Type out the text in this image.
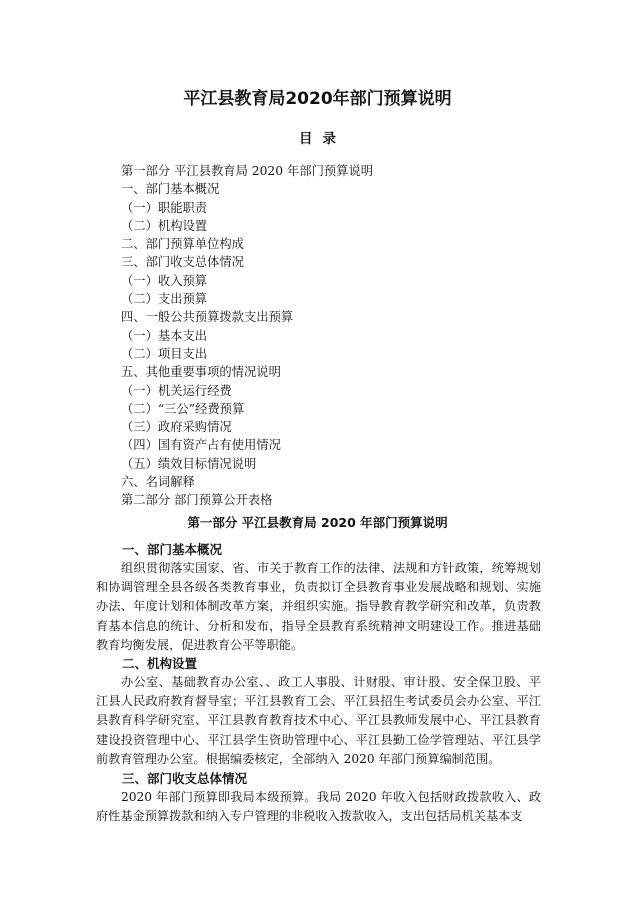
平江县教育局2020年部门预算说明
目录
第一部分 平江县教育局 2020 年部门预算说明
一、部门基本概况
（一）职能职责
（二）机构设置
二、部门预算单位构成
三、部门收支总体情况
（一）收入预算
（二）支出预算
四、一般公共预算拨款支出预算
（一）基本支出
（二）项目支出
五、其他重要事项的情况说明
（一）机关运行经费
（二）“三公”经费预算
（三）政府采购情况
（四）国有资产占有使用情况
（五）绩效目标情况说明
六、名词解释
第二部分 部门预算公开表格
第一部分 平江县教育局 2020 年部门预算说明
一、部门基本概况

组织贯彻落实国家、省、市关于教育工作的法律、法规和方针政策，统筹规划和协调管理全县各级各类教育事业，负责拟订全县教育事业发展战略和规划、实施办法、年度计划和体制改革方案，并组织实施。指导教育教学研究和改革，负责教育基本信息的统计、分析和发布，指导全县教育系统精神文明建设工作。推进基础教育均衡发展，促进教育公平等职能。

二、机构设置

办公室、基础教育办公室、、政工人事股、计财股、审计股、安全保卫股、平江县人民政府教育督导室；平江县教育工会、平江县招生考试委员会办公室、平江县教育科学研究室、平江县教育教育技术中心、平江县教师发展中心、平江县教育建设投资管理中心、平江县学生资助管理中心、平江县勤工俭学管理站、平江县学前教育管理办公室。根据编委核定，全部纳入 2020 年部门预算编制范围。

三、部门收支总体情况

2020 年部门预算即我局本级预算。我局 2020 年收入包括财政拨款收入、政府性基金预算拨款和纳入专户管理的非税收入拨款收入，支出包括局机关基本支
